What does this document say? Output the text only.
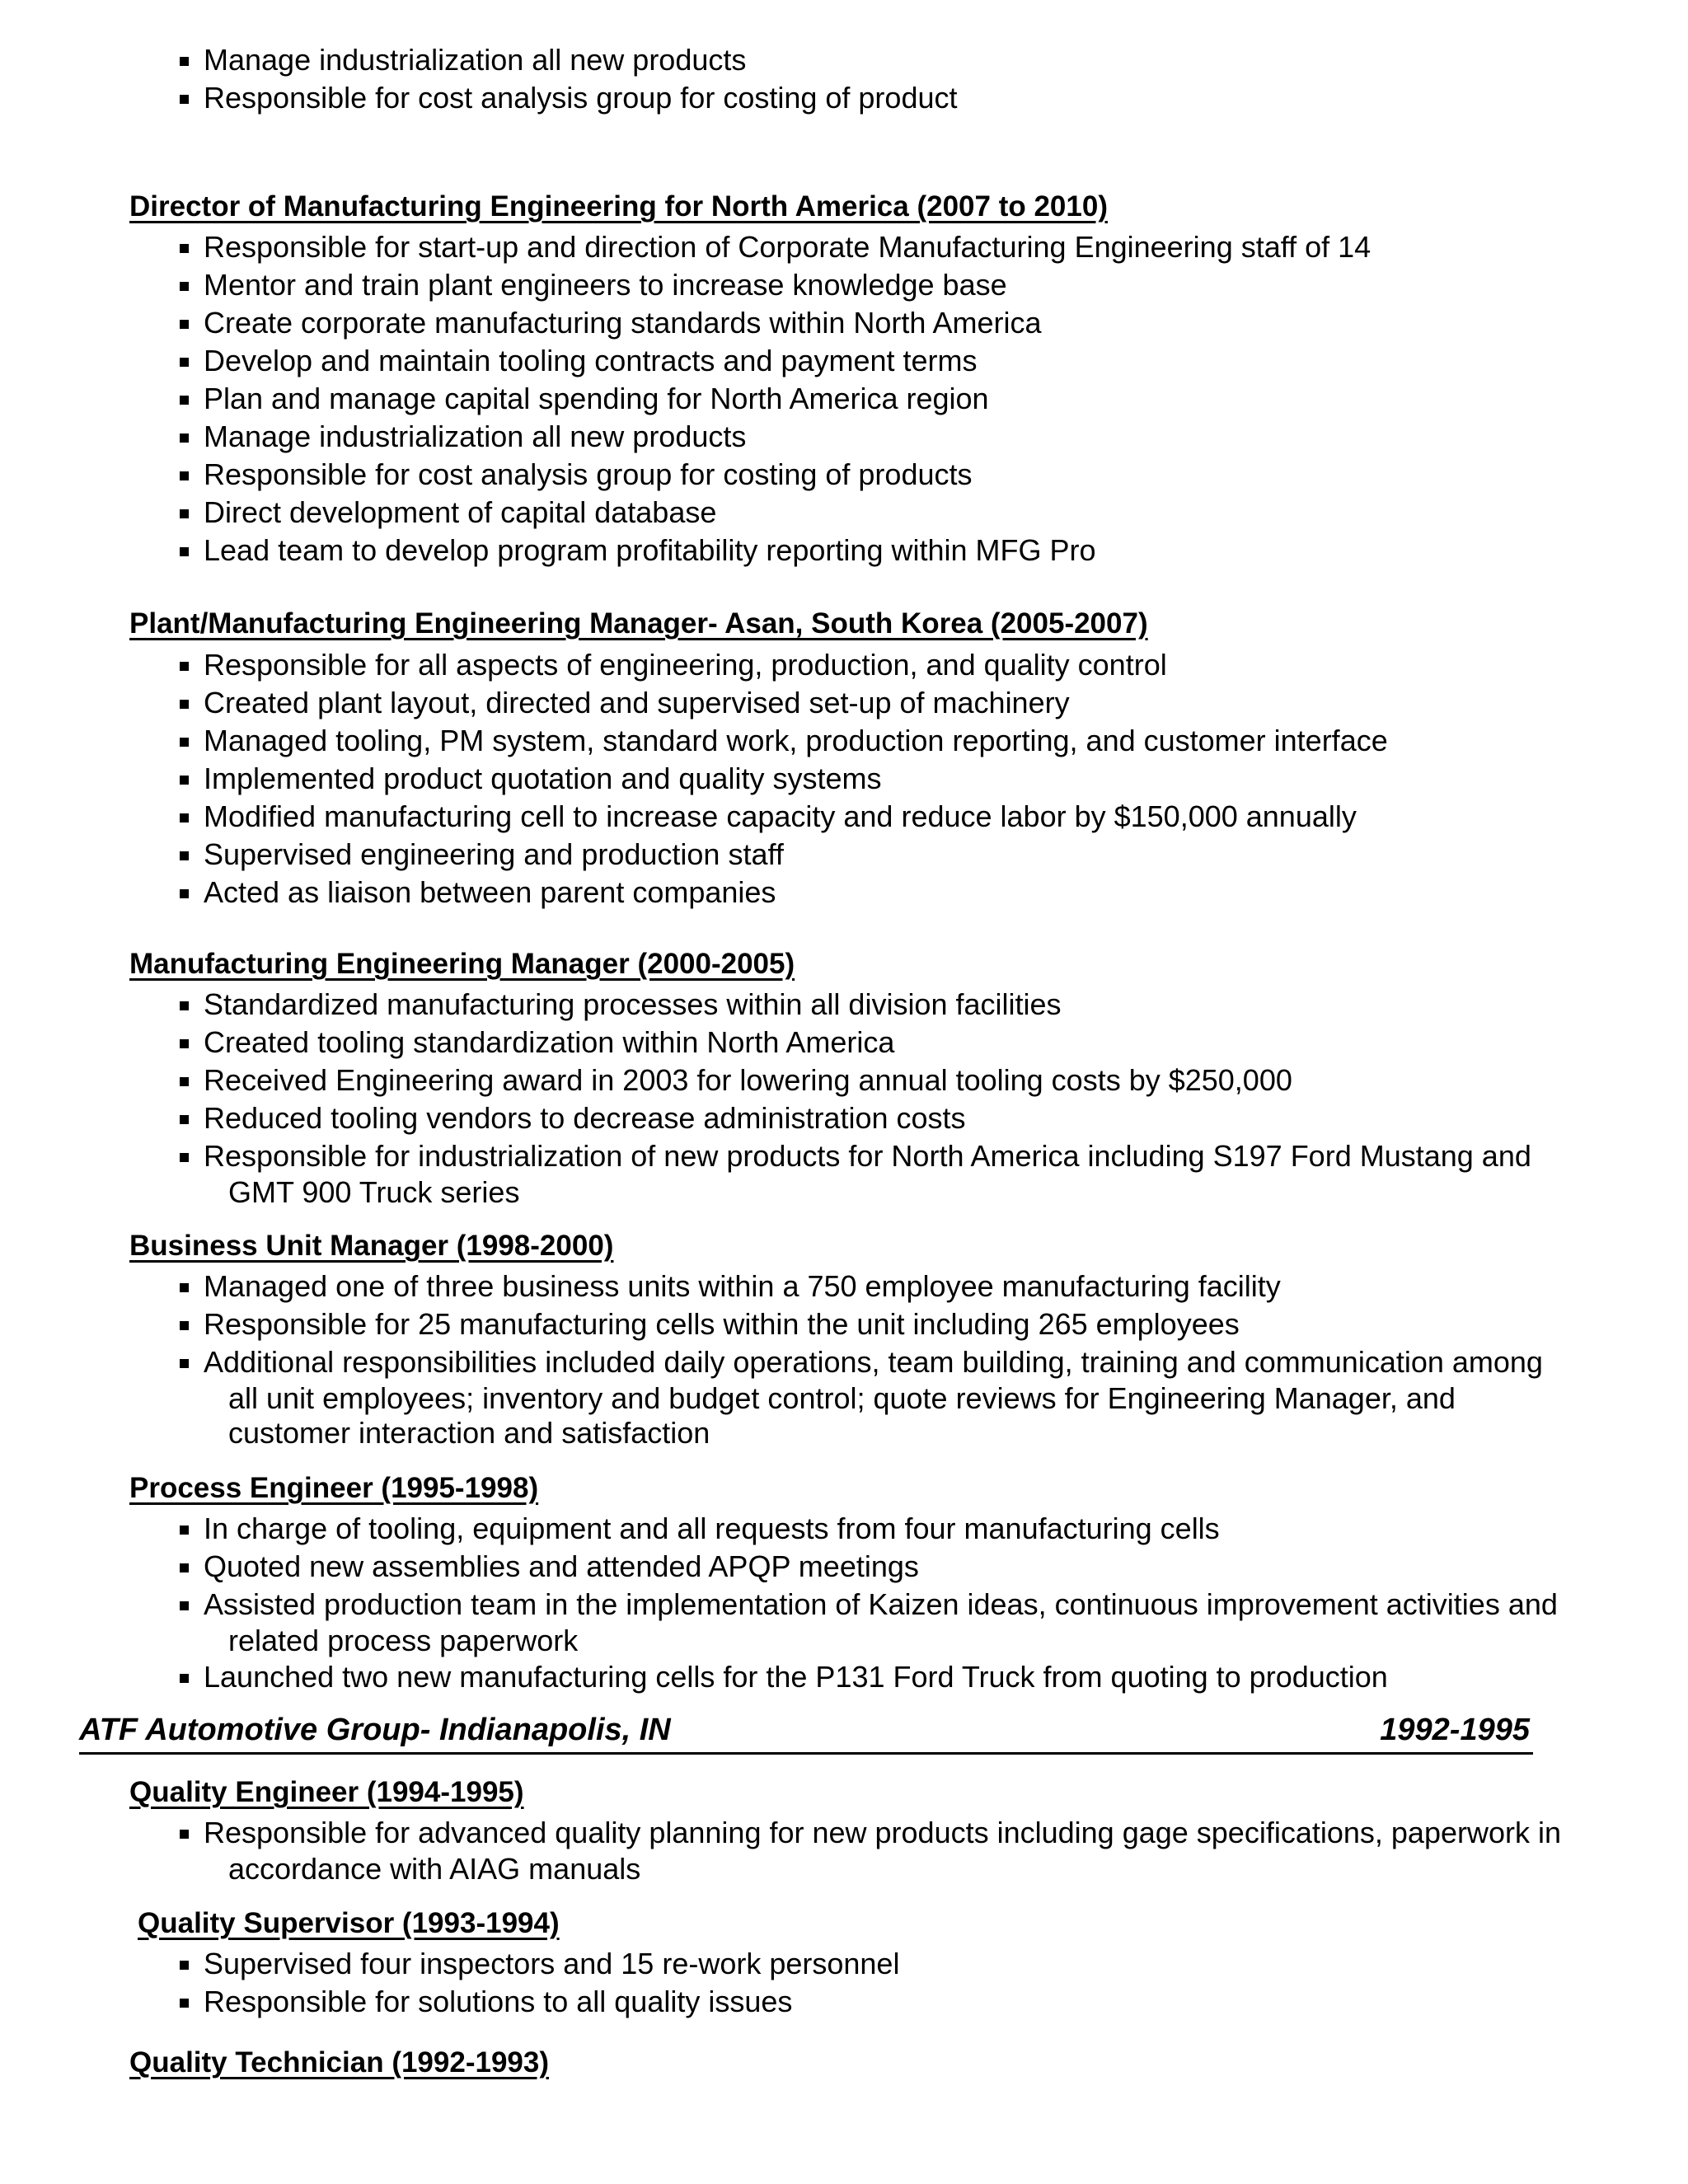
Manage industrialization all new products
Responsible for cost analysis group for costing of product
Director of Manufacturing Engineering for North America (2007 to 2010)
Responsible for start-up and direction of Corporate Manufacturing Engineering staff of 14
Mentor and train plant engineers to increase knowledge base
Create corporate manufacturing standards within North America
Develop and maintain tooling contracts and payment terms
Plan and manage capital spending for North America region
Manage industrialization all new products
Responsible for cost analysis group for costing of products
Direct development of capital database
Lead team to develop program profitability reporting within MFG Pro
Plant/Manufacturing Engineering Manager- Asan, South Korea (2005-2007)
Responsible for all aspects of engineering, production, and quality control
Created plant layout, directed and supervised set-up of machinery
Managed tooling, PM system, standard work, production reporting, and customer interface
Implemented product quotation and quality systems
Modified manufacturing cell to increase capacity and reduce labor by $150,000 annually
Supervised engineering and production staff
Acted as liaison between parent companies
Manufacturing Engineering Manager (2000-2005)
Standardized manufacturing processes within all division facilities
Created tooling standardization within North America
Received Engineering award in 2003 for lowering annual tooling costs by $250,000
Reduced tooling vendors to decrease administration costs
Responsible for industrialization of new products for North America including S197 Ford Mustang and
GMT 900 Truck series
Business Unit Manager (1998-2000)
Managed one of three business units within a 750 employee manufacturing facility
Responsible for 25 manufacturing cells within the unit including 265 employees
Additional responsibilities included daily operations, team building, training and communication among
all unit employees; inventory and budget control; quote reviews for Engineering Manager, and
customer interaction and satisfaction
Process Engineer (1995-1998)
In charge of tooling, equipment and all requests from four manufacturing cells
Quoted new assemblies and attended APQP meetings
Assisted production team in the implementation of Kaizen ideas, continuous improvement activities and
related process paperwork
Launched two new manufacturing cells for the P131 Ford Truck from quoting to production
ATF Automotive Group- Indianapolis, IN	1992-1995
Quality Engineer (1994-1995)
Responsible for advanced quality planning for new products including gage specifications, paperwork in
accordance with AIAG manuals
Quality Supervisor (1993-1994)
Supervised four inspectors and 15 re-work personnel
Responsible for solutions to all quality issues
Quality Technician (1992-1993)
